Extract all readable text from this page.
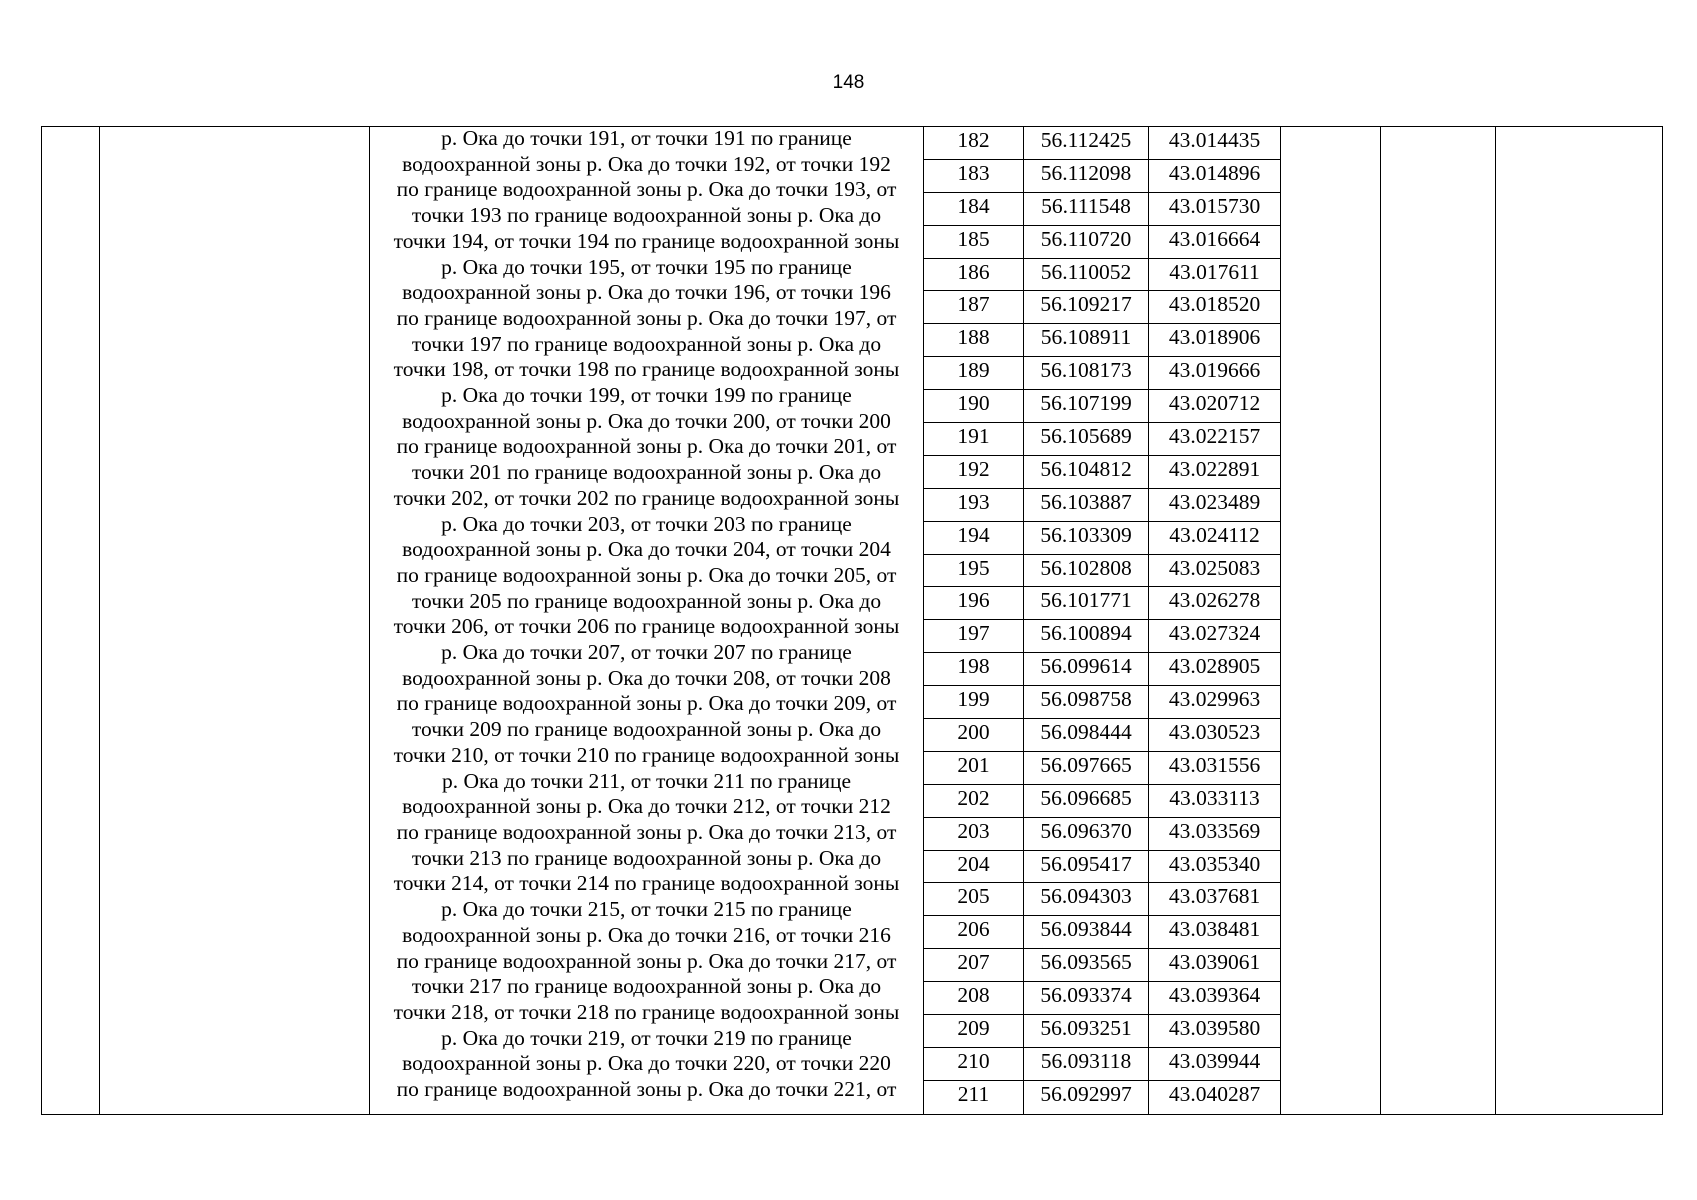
148
р. Ока до точки 191, от точки 191 по границе
водоохранной зоны р. Ока до точки 192, от точки 192
по границе водоохранной зоны р. Ока до точки 193, от
точки 193 по границе водоохранной зоны р. Ока до
точки 194, от точки 194 по границе водоохранной зоны
р. Ока до точки 195, от точки 195 по границе
водоохранной зоны р. Ока до точки 196, от точки 196
по границе водоохранной зоны р. Ока до точки 197, от
точки 197 по границе водоохранной зоны р. Ока до
точки 198, от точки 198 по границе водоохранной зоны
р. Ока до точки 199, от точки 199 по границе
водоохранной зоны р. Ока до точки 200, от точки 200
по границе водоохранной зоны р. Ока до точки 201, от
точки 201 по границе водоохранной зоны р. Ока до
точки 202, от точки 202 по границе водоохранной зоны
р. Ока до точки 203, от точки 203 по границе
водоохранной зоны р. Ока до точки 204, от точки 204
по границе водоохранной зоны р. Ока до точки 205, от
точки 205 по границе водоохранной зоны р. Ока до
точки 206, от точки 206 по границе водоохранной зоны
р. Ока до точки 207, от точки 207 по границе
водоохранной зоны р. Ока до точки 208, от точки 208
по границе водоохранной зоны р. Ока до точки 209, от
точки 209 по границе водоохранной зоны р. Ока до
точки 210, от точки 210 по границе водоохранной зоны
р. Ока до точки 211, от точки 211 по границе
водоохранной зоны р. Ока до точки 212, от точки 212
по границе водоохранной зоны р. Ока до точки 213, от
точки 213 по границе водоохранной зоны р. Ока до
точки 214, от точки 214 по границе водоохранной зоны
р. Ока до точки 215, от точки 215 по границе
водоохранной зоны р. Ока до точки 216, от точки 216
по границе водоохранной зоны р. Ока до точки 217, от
точки 217 по границе водоохранной зоны р. Ока до
точки 218, от точки 218 по границе водоохранной зоны
р. Ока до точки 219, от точки 219 по границе
водоохранной зоны р. Ока до точки 220, от точки 220
по границе водоохранной зоны р. Ока до точки 221, от
182	56.112425	43.014435
183	56.112098	43.014896
184	56.111548	43.015730
185	56.110720	43.016664
186	56.110052	43.017611
187	56.109217	43.018520
188	56.108911	43.018906
189	56.108173	43.019666
190	56.107199	43.020712
191	56.105689	43.022157
192	56.104812	43.022891
193	56.103887	43.023489
194	56.103309	43.024112
195	56.102808	43.025083
196	56.101771	43.026278
197	56.100894	43.027324
198	56.099614	43.028905
199	56.098758	43.029963
200	56.098444	43.030523
201	56.097665	43.031556
202	56.096685	43.033113
203	56.096370	43.033569
204	56.095417	43.035340
205	56.094303	43.037681
206	56.093844	43.038481
207	56.093565	43.039061
208	56.093374	43.039364
209	56.093251	43.039580
210	56.093118	43.039944
211	56.092997	43.040287
